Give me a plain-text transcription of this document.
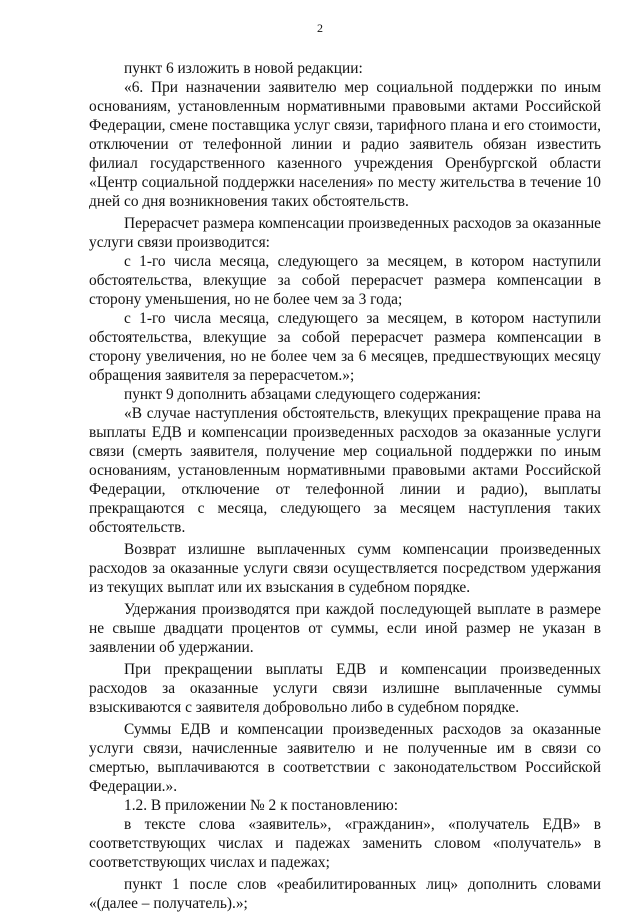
2

пункт 6 изложить в новой редакции:

«6. При назначении заявителю мер социальной поддержки по иным основаниям, установленным нормативными правовыми актами Российской Федерации, смене поставщика услуг связи, тарифного плана и его стоимости, отключении от телефонной линии и радио заявитель обязан известить филиал государственного казенного учреждения Оренбургской области «Центр социальной поддержки населения» по месту жительства в течение 10 дней со дня возникновения таких обстоятельств.

Перерасчет размера компенсации произведенных расходов за оказанные услуги связи производится:

с 1-го числа месяца, следующего за месяцем, в котором наступили обстоятельства, влекущие за собой перерасчет размера компенсации в сторону уменьшения, но не более чем за 3 года;

с 1-го числа месяца, следующего за месяцем, в котором наступили обстоятельства, влекущие за собой перерасчет размера компенсации в сторону увеличения, но не более чем за 6 месяцев, предшествующих месяцу обращения заявителя за перерасчетом.»;

пункт 9 дополнить абзацами следующего содержания:

«В случае наступления обстоятельств, влекущих прекращение права на выплаты ЕДВ и компенсации произведенных расходов за оказанные услуги связи (смерть заявителя, получение мер социальной поддержки по иным основаниям, установленным нормативными правовыми актами Российской Федерации, отключение от телефонной линии и радио), выплаты прекращаются с месяца, следующего за месяцем наступления таких обстоятельств.

Возврат излишне выплаченных сумм компенсации произведенных расходов за оказанные услуги связи осуществляется посредством удержания из текущих выплат или их взыскания в судебном порядке.

Удержания производятся при каждой последующей выплате в размере не свыше двадцати процентов от суммы, если иной размер не указан в заявлении об удержании.

При прекращении выплаты ЕДВ и компенсации произведенных расходов за оказанные услуги связи излишне выплаченные суммы взыскиваются с заявителя добровольно либо в судебном порядке.

Суммы ЕДВ и компенсации произведенных расходов за оказанные услуги связи, начисленные заявителю и не полученные им в связи со смертью, выплачиваются в соответствии с законодательством Российской Федерации.».

1.2. В приложении № 2 к постановлению:

в тексте слова «заявитель», «гражданин», «получатель ЕДВ» в соответствующих числах и падежах заменить словом «получатель» в соответствующих числах и падежах;

пункт 1 после слов «реабилитированных лиц» дополнить словами «(далее – получатель).»;
